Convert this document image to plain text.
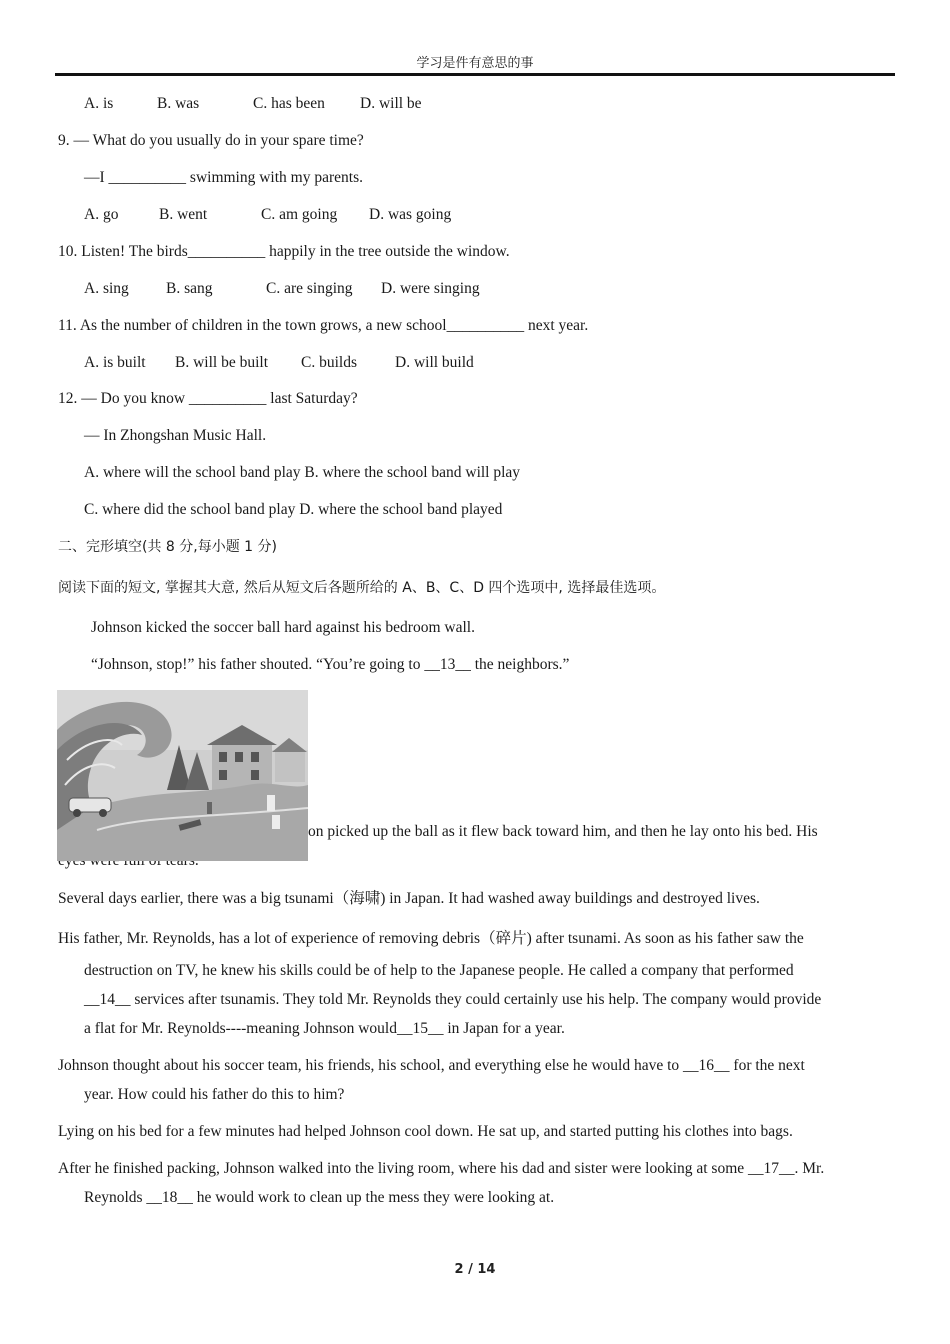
学习是件有意思的事
A. is	B. was	C. has been D. will be
9. — What do you usually do in your spare time?
—I __________ swimming with my parents.
A. go	B. went	C. am going D. was going
10. Listen! The birds__________ happily in the tree outside the window.
A. sing B. sang	C. are singing D. were singing
11. As the number of children in the town grows, a new school__________ next year.
A. is built B. will be built C. builds D. will build
12. — Do you know __________ last Saturday?
— In Zhongshan Music Hall.
A. where will the school band play B. where the school band will play
C. where did the school band play D. where the school band played
二、完形填空(共 8 分,每小题 1 分)
阅读下面的短文, 掌握其大意, 然后从短文后各题所给的 A、B、C、D 四个选项中, 选择最佳选项。
Johnson kicked the soccer ball hard against his bedroom wall.
“Johnson, stop!” his father shouted. “You’re going to __13__ the neighbors.”
on picked up the ball as it flew back toward him, and then he lay onto his bed. His
Several days earlier, there was a big tsunami（海啸) in Japan. It had washed away buildings and destroyed lives.
His father, Mr. Reynolds, has a lot of experience of removing debris（碎片) after tsunami. As soon as his father saw the
destruction on TV, he knew his skills could be of help to the Japanese people. He called a company that performed
__14__ services after tsunamis. They told Mr. Reynolds they could certainly use his help. The company would provide
a flat for Mr. Reynolds----meaning Johnson would__15__ in Japan for a year.
Johnson thought about his soccer team, his friends, his school, and everything else he would have to __16__ for the next
year. How could his father do this to him?
Lying on his bed for a few minutes had helped Johnson cool down. He sat up, and started putting his clothes into bags.
After he finished packing, Johnson walked into the living room, where his dad and sister were looking at some __17__. Mr.
Reynolds __18__ he would work to clean up the mess they were looking at.
2 / 14
